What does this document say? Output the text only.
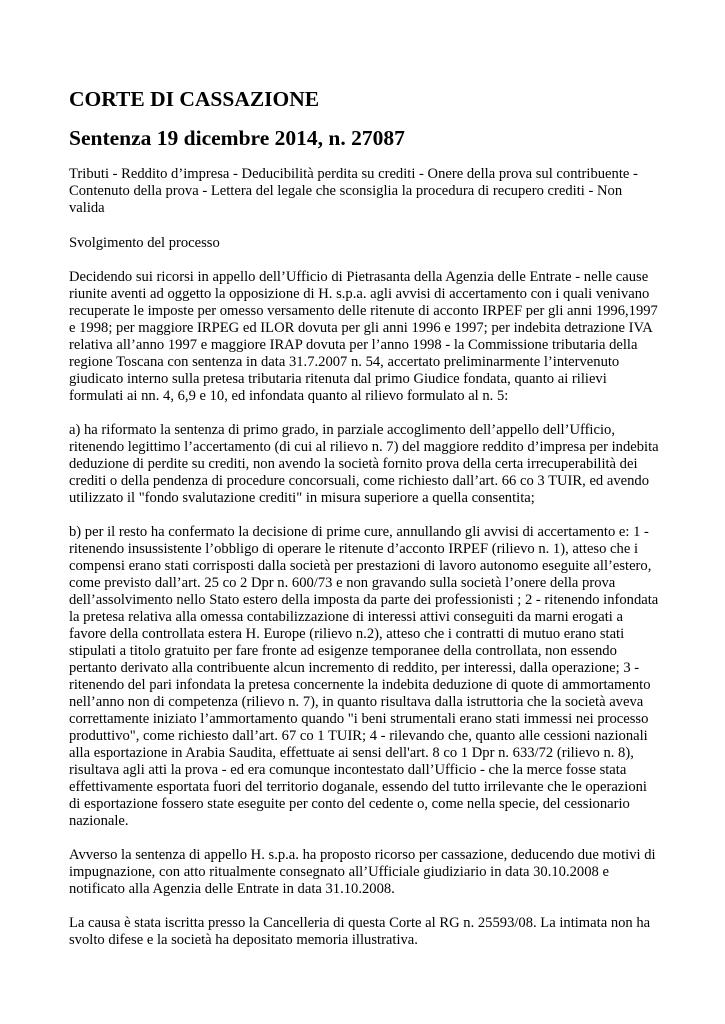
CORTE DI CASSAZIONE
Sentenza 19 dicembre 2014, n. 27087

Tributi - Reddito d’impresa - Deducibilità perdita su crediti - Onere della prova sul contribuente - Contenuto della prova - Lettera del legale che sconsiglia la procedura di recupero crediti - Non valida

Svolgimento del processo

Decidendo sui ricorsi in appello dell’Ufficio di Pietrasanta della Agenzia delle Entrate - nelle cause riunite aventi ad oggetto la opposizione di H. s.p.a. agli avvisi di accertamento con i quali venivano recuperate le imposte per omesso versamento delle ritenute di acconto IRPEF per gli anni 1996,1997 e 1998; per maggiore IRPEG ed ILOR dovuta per gli anni 1996 e 1997; per indebita detrazione IVA relativa all’anno 1997 e maggiore IRAP dovuta per l’anno 1998 - la Commissione tributaria della regione Toscana con sentenza in data 31.7.2007 n. 54, accertato preliminarmente l’intervenuto giudicato interno sulla pretesa tributaria ritenuta dal primo Giudice fondata, quanto ai rilievi formulati ai nn. 4, 6,9 e 10, ed infondata quanto al rilievo formulato al n. 5:

a) ha riformato la sentenza di primo grado, in parziale accoglimento dell’appello dell’Ufficio, ritenendo legittimo l’accertamento (di cui al rilievo n. 7) del maggiore reddito d’impresa per indebita deduzione di perdite su crediti, non avendo la società fornito prova della certa irrecuperabilità dei crediti o della pendenza di procedure concorsuali, come richiesto dall’art. 66 co 3 TUIR, ed avendo utilizzato il "fondo svalutazione crediti" in misura superiore a quella consentita;

b) per il resto ha confermato la decisione di prime cure, annullando gli avvisi di accertamento e: 1 - ritenendo insussistente l’obbligo di operare le ritenute d’acconto IRPEF (rilievo n. 1), atteso che i compensi erano stati corrisposti dalla società per prestazioni di lavoro autonomo eseguite all’estero, come previsto dall’art. 25 co 2 Dpr n. 600/73 e non gravando sulla società l’onere della prova dell’assolvimento nello Stato estero della imposta da parte dei professionisti ; 2 - ritenendo infondata la pretesa relativa alla omessa contabilizzazione di interessi attivi conseguiti da marni erogati a favore della controllata estera H. Europe (rilievo n.2), atteso che i contratti di mutuo erano stati stipulati a titolo gratuito per fare fronte ad esigenze temporanee della controllata, non essendo pertanto derivato alla contribuente alcun incremento di reddito, per interessi, dalla operazione; 3 - ritenendo del pari infondata la pretesa concernente la indebita deduzione di quote di ammortamento nell’anno non di competenza (rilievo n. 7), in quanto risultava dalla istruttoria che la società aveva correttamente iniziato l’ammortamento quando "i beni strumentali erano stati immessi nei processo produttivo", come richiesto dall’art. 67 co 1 TUIR; 4 - rilevando che, quanto alle cessioni nazionali alla esportazione in Arabia Saudita, effettuate ai sensi dell'art. 8 co 1 Dpr n. 633/72 (rilievo n. 8), risultava agli atti la prova - ed era comunque incontestato dall’Ufficio - che la merce fosse stata effettivamente esportata fuori del territorio doganale, essendo del tutto irrilevante che le operazioni di esportazione fossero state eseguite per conto del cedente o, come nella specie, del cessionario nazionale.

Avverso la sentenza di appello H. s.p.a. ha proposto ricorso per cassazione, deducendo due motivi di impugnazione, con atto ritualmente consegnato all’Ufficiale giudiziario in data 30.10.2008 e notificato alla Agenzia delle Entrate in data 31.10.2008.

La causa è stata iscritta presso la Cancelleria di questa Corte al RG n. 25593/08. La intimata non ha svolto difese e la società ha depositato memoria illustrativa.
